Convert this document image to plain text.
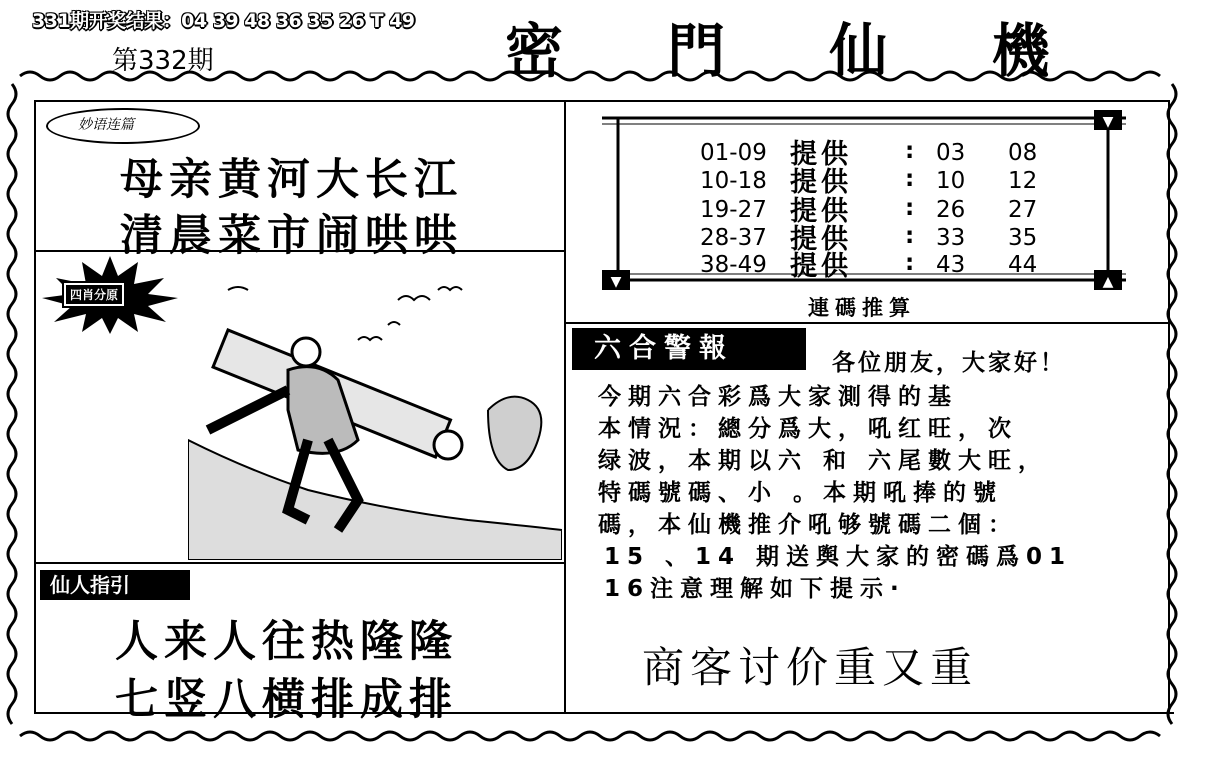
331期开奖结果：04 39 48 36 35 26 T 49
第332期	密 門 仙 機
妙语连篇
母亲黄河大长江
清晨菜市闹哄哄
四肖分原
仙人指引
人来人往热隆隆
七竖八横排成排
▼
▼	▲
01-09 提供 : 03 08
10-18 提供 : 10 12
19-27 提供 : 26 27
28-37 提供 : 33 35
38-49 提供 : 43 44
連碼推算
六合警報	各位朋友，大家好！
今期六合彩爲大家測得的基
本情況：總分爲大，吼红旺，次
绿波，本期以六 和 六尾數大旺，
特碼號碼、小 。本期吼捧的號
碼，本仙機推介吼够號碼二個：
15 、14 期送舆大家的密碼爲01
16注意理解如下提示·
商客讨价重又重
